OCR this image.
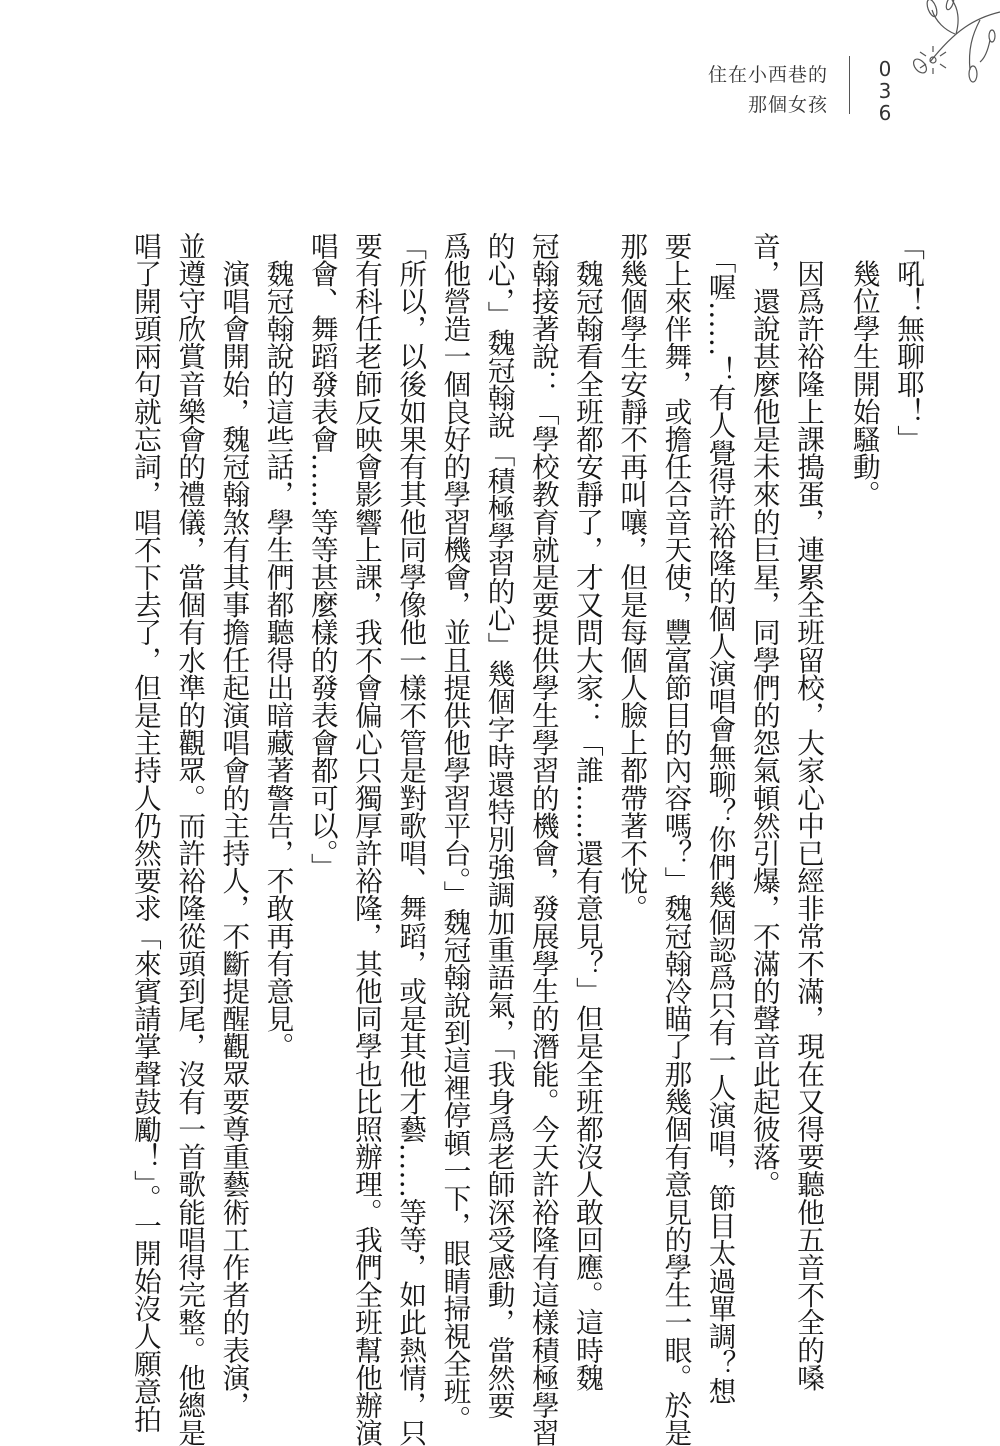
住在小西巷的
那個女孩
0
3
6
　因爲許裕隆上課搗蛋，連累全班留校，大家心中已經非常不滿，現在又得要聽他五音不全的嗓
音，還說甚麼他是未來的巨星，同學們的怨氣頓然引爆，不滿的聲音此起彼落。
　「喔……！有人覺得許裕隆的個人演唱會無聊？你們幾個認爲只有一人演唱，節目太過單調？想
要上來伴舞，或擔任合音天使，豐富節目的內容嗎？」魏冠翰冷瞄了那幾個有意見的學生一眼。於是
那幾個學生安靜不再叫嚷，但是每個人臉上都帶著不悅。
　魏冠翰看全班都安靜了，才又問大家：「誰……還有意見？」但是全班都沒人敢回應。這時魏
冠翰接著說：「學校教育就是要提供學生學習的機會，發展學生的潛能。今天許裕隆有這樣積極學習
的心，」魏冠翰說「積極學習的心」幾個字時還特別強調加重語氣，「我身爲老師深受感動，當然要
爲他營造一個良好的學習機會，並且提供他學習平台。」魏冠翰說到這裡停頓一下，眼睛掃視全班。
「所以，以後如果有其他同學像他一樣不管是對歌唱、舞蹈，或是其他才藝……等等，如此熱情，只
要有科任老師反映會影響上課，我不會偏心只獨厚許裕隆，其他同學也比照辦理。我們全班幫他辦演
唱會、舞蹈發表會……等等甚麼樣的發表會都可以。」
　魏冠翰說的這些話，學生們都聽得出暗藏著警告，不敢再有意見。
　演唱會開始，魏冠翰煞有其事擔任起演唱會的主持人，不斷提醒觀眾要尊重藝術工作者的表演，
並遵守欣賞音樂會的禮儀，當個有水準的觀眾。而許裕隆從頭到尾，沒有一首歌能唱得完整。他總是
唱了開頭兩句就忘詞，唱不下去了，但是主持人仍然要求「來賓請掌聲鼓勵！」。一開始沒人願意拍	「吼！無聊耶！」
　幾位學生開始騷動。
